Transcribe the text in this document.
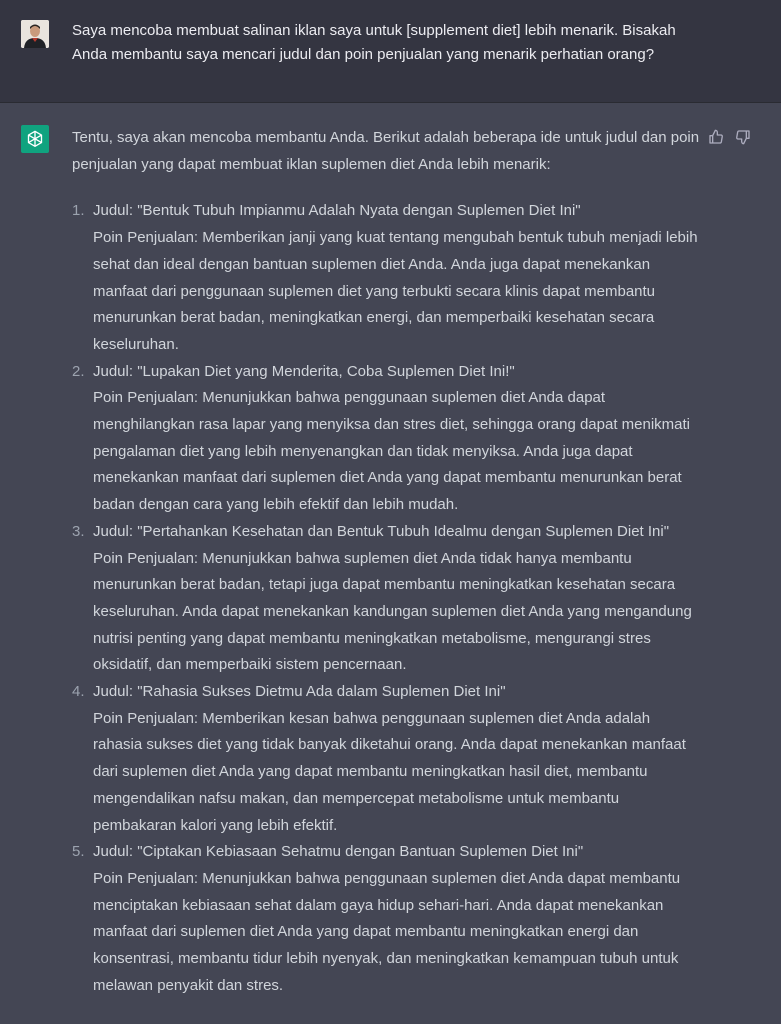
Saya mencoba membuat salinan iklan saya untuk [supplement diet] lebih menarik. Bisakah Anda membantu saya mencari judul dan poin penjualan yang menarik perhatian orang?

Tentu, saya akan mencoba membantu Anda. Berikut adalah beberapa ide untuk judul dan poin penjualan yang dapat membuat iklan suplemen diet Anda lebih menarik:

1. Judul: "Bentuk Tubuh Impianmu Adalah Nyata dengan Suplemen Diet Ini"
Poin Penjualan: Memberikan janji yang kuat tentang mengubah bentuk tubuh menjadi lebih sehat dan ideal dengan bantuan suplemen diet Anda. Anda juga dapat menekankan manfaat dari penggunaan suplemen diet yang terbukti secara klinis dapat membantu menurunkan berat badan, meningkatkan energi, dan memperbaiki kesehatan secara keseluruhan.
2. Judul: "Lupakan Diet yang Menderita, Coba Suplemen Diet Ini!"
Poin Penjualan: Menunjukkan bahwa penggunaan suplemen diet Anda dapat menghilangkan rasa lapar yang menyiksa dan stres diet, sehingga orang dapat menikmati pengalaman diet yang lebih menyenangkan dan tidak menyiksa. Anda juga dapat menekankan manfaat dari suplemen diet Anda yang dapat membantu menurunkan berat badan dengan cara yang lebih efektif dan lebih mudah.
3. Judul: "Pertahankan Kesehatan dan Bentuk Tubuh Idealmu dengan Suplemen Diet Ini"
Poin Penjualan: Menunjukkan bahwa suplemen diet Anda tidak hanya membantu menurunkan berat badan, tetapi juga dapat membantu meningkatkan kesehatan secara keseluruhan. Anda dapat menekankan kandungan suplemen diet Anda yang mengandung nutrisi penting yang dapat membantu meningkatkan metabolisme, mengurangi stres oksidatif, dan memperbaiki sistem pencernaan.
4. Judul: "Rahasia Sukses Dietmu Ada dalam Suplemen Diet Ini"
Poin Penjualan: Memberikan kesan bahwa penggunaan suplemen diet Anda adalah rahasia sukses diet yang tidak banyak diketahui orang. Anda dapat menekankan manfaat dari suplemen diet Anda yang dapat membantu meningkatkan hasil diet, membantu mengendalikan nafsu makan, dan mempercepat metabolisme untuk membantu pembakaran kalori yang lebih efektif.
5. Judul: "Ciptakan Kebiasaan Sehatmu dengan Bantuan Suplemen Diet Ini"
Poin Penjualan: Menunjukkan bahwa penggunaan suplemen diet Anda dapat membantu menciptakan kebiasaan sehat dalam gaya hidup sehari-hari. Anda dapat menekankan manfaat dari suplemen diet Anda yang dapat membantu meningkatkan energi dan konsentrasi, membantu tidur lebih nyenyak, dan meningkatkan kemampuan tubuh untuk melawan penyakit dan stres.
